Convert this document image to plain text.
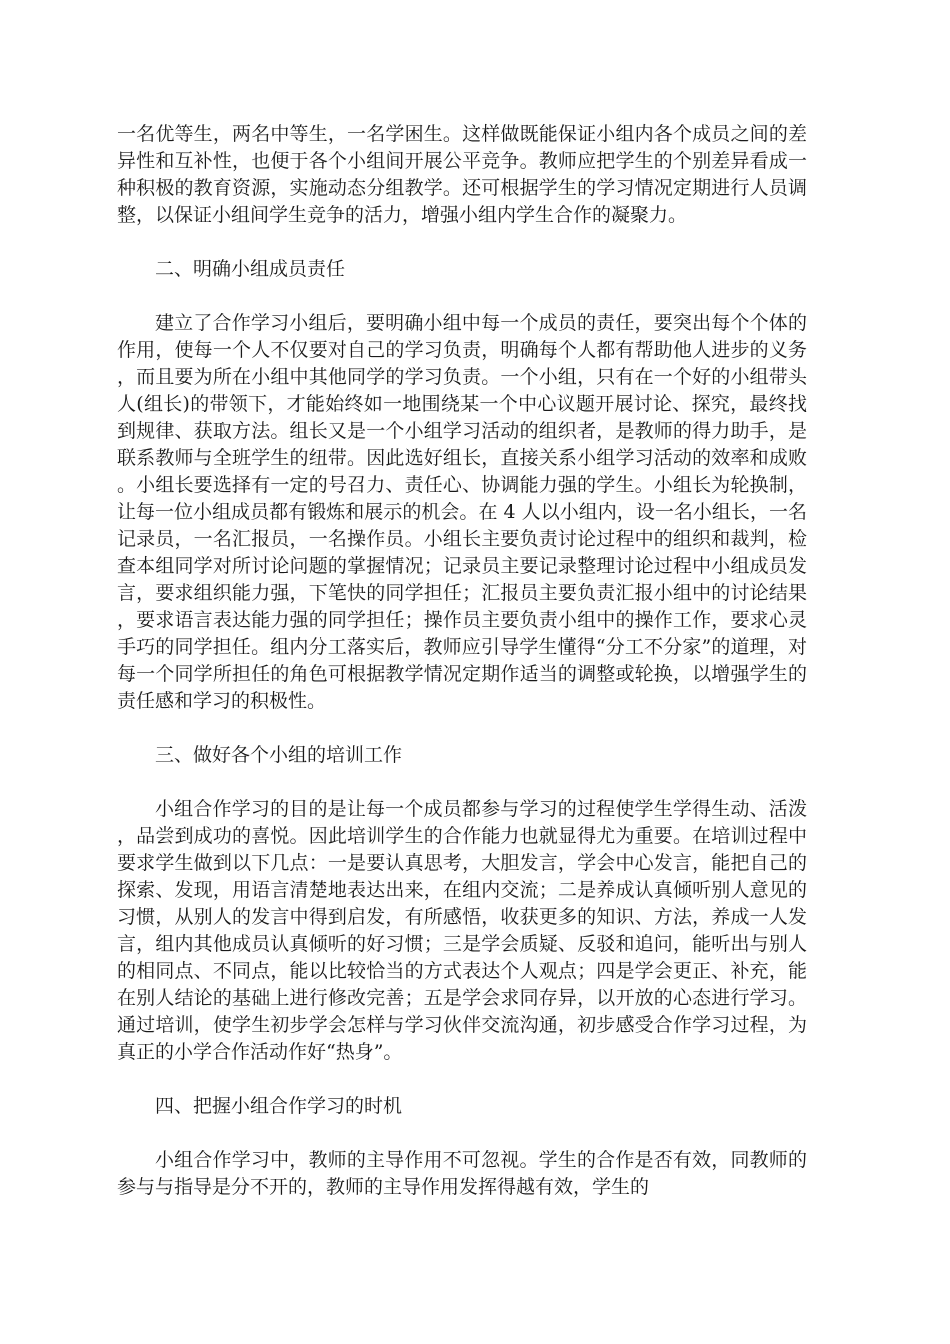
一名优等生，两名中等生，一名学困生。这样做既能保证小组内各个成员之间的差异性和互补性，也便于各个小组间开展公平竞争。教师应把学生的个别差异看成一种积极的教育资源，实施动态分组教学。还可根据学生的学习情况定期进行人员调整，以保证小组间学生竞争的活力，增强小组内学生合作的凝聚力。

二、明确小组成员责任

建立了合作学习小组后，要明确小组中每一个成员的责任，要突出每个个体的作用，使每一个人不仅要对自己的学习负责，明确每个人都有帮助他人进步的义务，而且要为所在小组中其他同学的学习负责。一个小组，只有在一个好的小组带头人(组长)的带领下，才能始终如一地围绕某一个中心议题开展讨论、探究，最终找到规律、获取方法。组长又是一个小组学习活动的组织者，是教师的得力助手，是联系教师与全班学生的纽带。因此选好组长，直接关系小组学习活动的效率和成败。小组长要选择有一定的号召力、责任心、协调能力强的学生。小组长为轮换制，让每一位小组成员都有锻炼和展示的机会。在 4 人以小组内，设一名小组长，一名记录员，一名汇报员，一名操作员。小组长主要负责讨论过程中的组织和裁判，检查本组同学对所讨论问题的掌握情况；记录员主要记录整理讨论过程中小组成员发言，要求组织能力强，下笔快的同学担任；汇报员主要负责汇报小组中的讨论结果，要求语言表达能力强的同学担任；操作员主要负责小组中的操作工作，要求心灵手巧的同学担任。组内分工落实后，教师应引导学生懂得“分工不分家”的道理，对每一个同学所担任的角色可根据教学情况定期作适当的调整或轮换，以增强学生的责任感和学习的积极性。

三、做好各个小组的培训工作

小组合作学习的目的是让每一个成员都参与学习的过程使学生学得生动、活泼，品尝到成功的喜悦。因此培训学生的合作能力也就显得尤为重要。在培训过程中要求学生做到以下几点：一是要认真思考，大胆发言，学会中心发言，能把自己的探索、发现，用语言清楚地表达出来，在组内交流；二是养成认真倾听别人意见的习惯，从别人的发言中得到启发，有所感悟，收获更多的知识、方法，养成一人发言，组内其他成员认真倾听的好习惯；三是学会质疑、反驳和追问，能听出与别人的相同点、不同点，能以比较恰当的方式表达个人观点；四是学会更正、补充，能在别人结论的基础上进行修改完善；五是学会求同存异，以开放的心态进行学习。通过培训，使学生初步学会怎样与学习伙伴交流沟通，初步感受合作学习过程，为真正的小学合作活动作好“热身”。

四、把握小组合作学习的时机

小组合作学习中，教师的主导作用不可忽视。学生的合作是否有效，同教师的参与与指导是分不开的，教师的主导作用发挥得越有效，学生的
